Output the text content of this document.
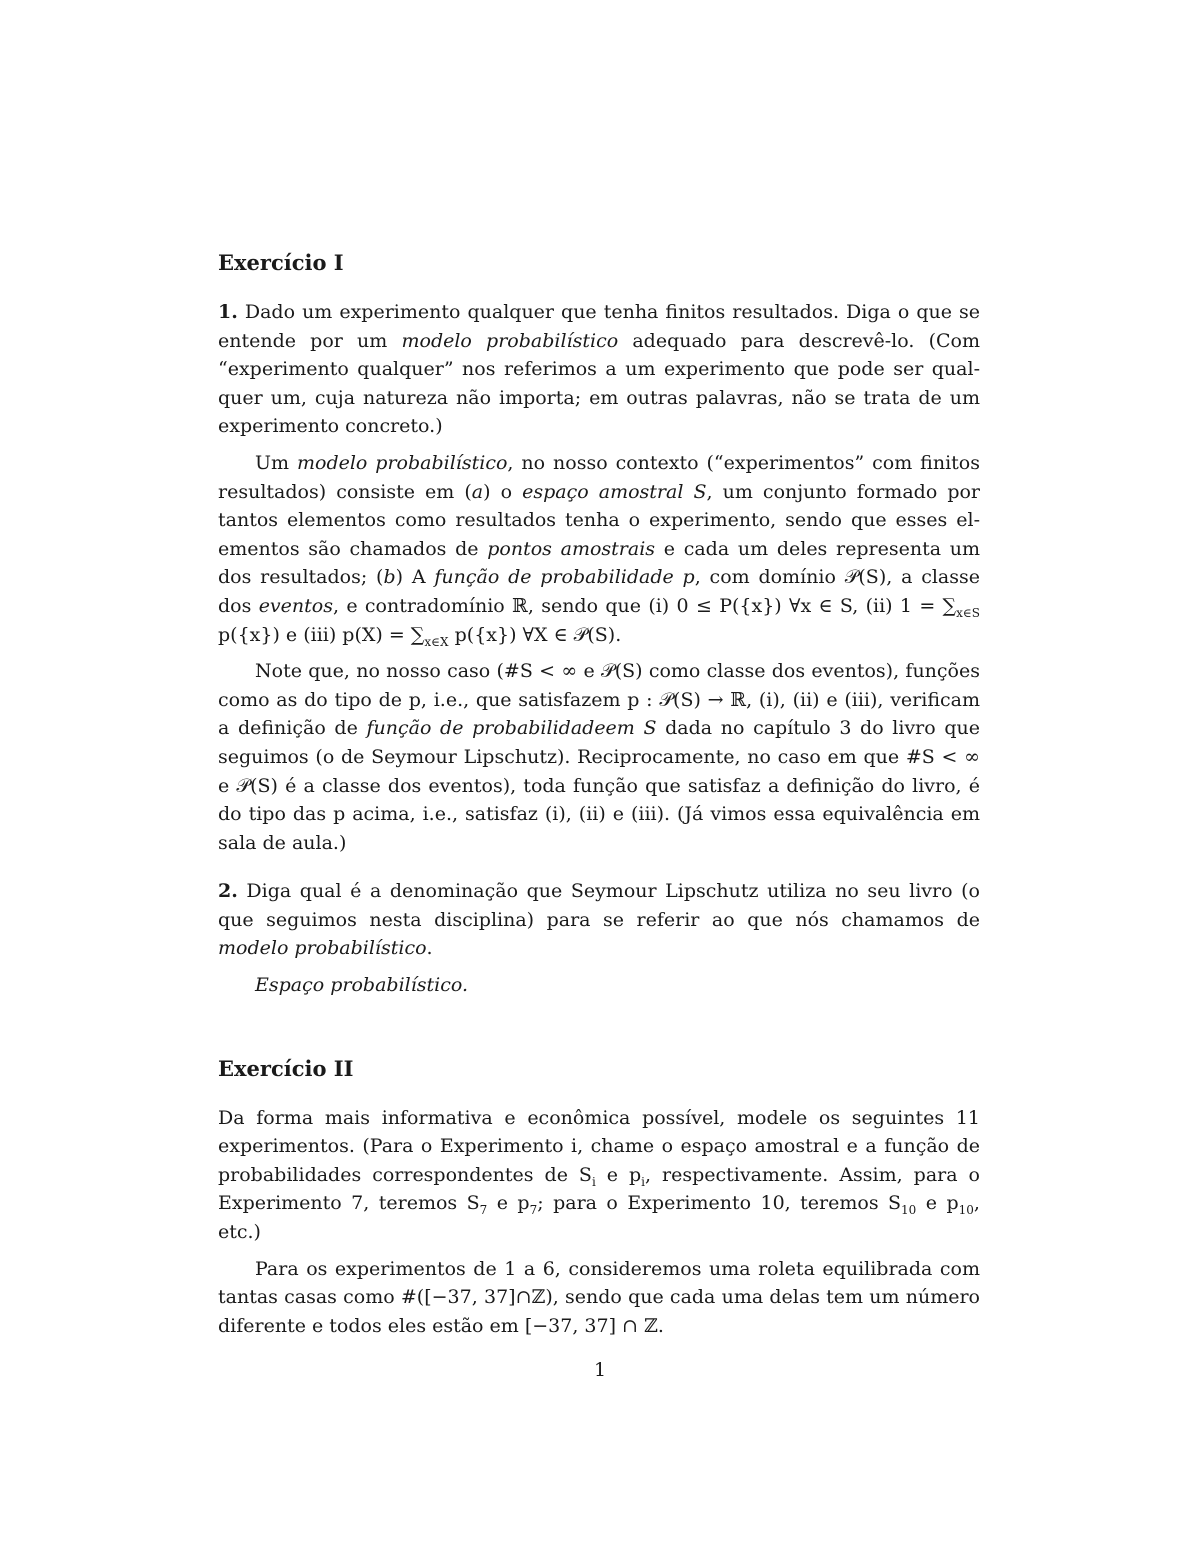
Exercício I

1. Dado um experimento qualquer que tenha finitos resultados. Diga o que se entende por um modelo probabilístico adequado para descrevê-lo. (Com “experimento qualquer” nos referimos a um experimento que pode ser qualquer um, cuja natureza não importa; em outras palavras, não se trata de um experimento concreto.)

Um modelo probabilístico, no nosso contexto (“experimentos” com finitos resultados) consiste em (a) o espaço amostral S, um conjunto formado por tantos elementos como resultados tenha o experimento, sendo que esses elementos são chamados de pontos amostrais e cada um deles representa um dos resultados; (b) A função de probabilidade p, com domínio 𝒫(S), a classe dos eventos, e contradomínio ℝ, sendo que (i) 0 ≤ P({x}) ∀x ∈ S, (ii) $1 = \sum_{x\in S}$ p({x}) e (iii) $p(X) = \sum_{x\in X}$ p({x}) ∀X ∈ 𝒫(S).

Note que, no nosso caso (#S < ∞ e 𝒫(S) como classe dos eventos), funções como as do tipo de p, i.e., que satisfazem p : 𝒫(S) → ℝ, (i), (ii) e (iii), verificam a definição de função de probabilidadeem S dada no capítulo 3 do livro que seguimos (o de Seymour Lipschutz). Reciprocamente, no caso em que #S < ∞ e 𝒫(S) é a classe dos eventos), toda função que satisfaz a definição do livro, é do tipo das p acima, i.e., satisfaz (i), (ii) e (iii). (Já vimos essa equivalência em sala de aula.)

2. Diga qual é a denominação que Seymour Lipschutz utiliza no seu livro (o que seguimos nesta disciplina) para se referir ao que nós chamamos de modelo probabilístico.

Espaço probabilístico.

Exercício II

Da forma mais informativa e econômica possível, modele os seguintes 11 experimentos. (Para o Experimento i, chame o espaço amostral e a função de probabilidades correspondentes de $S_i$ e $p_i$, respectivamente. Assim, para o Experimento 7, teremos $S_7$ e $p_7$; para o Experimento 10, teremos $S_{10}$ e $p_{10}$, etc.)

Para os experimentos de 1 a 6, consideremos uma roleta equilibrada com tantas casas como #([−37, 37]∩ℤ), sendo que cada uma delas tem um número diferente e todos eles estão em [−37, 37] ∩ ℤ.

1
